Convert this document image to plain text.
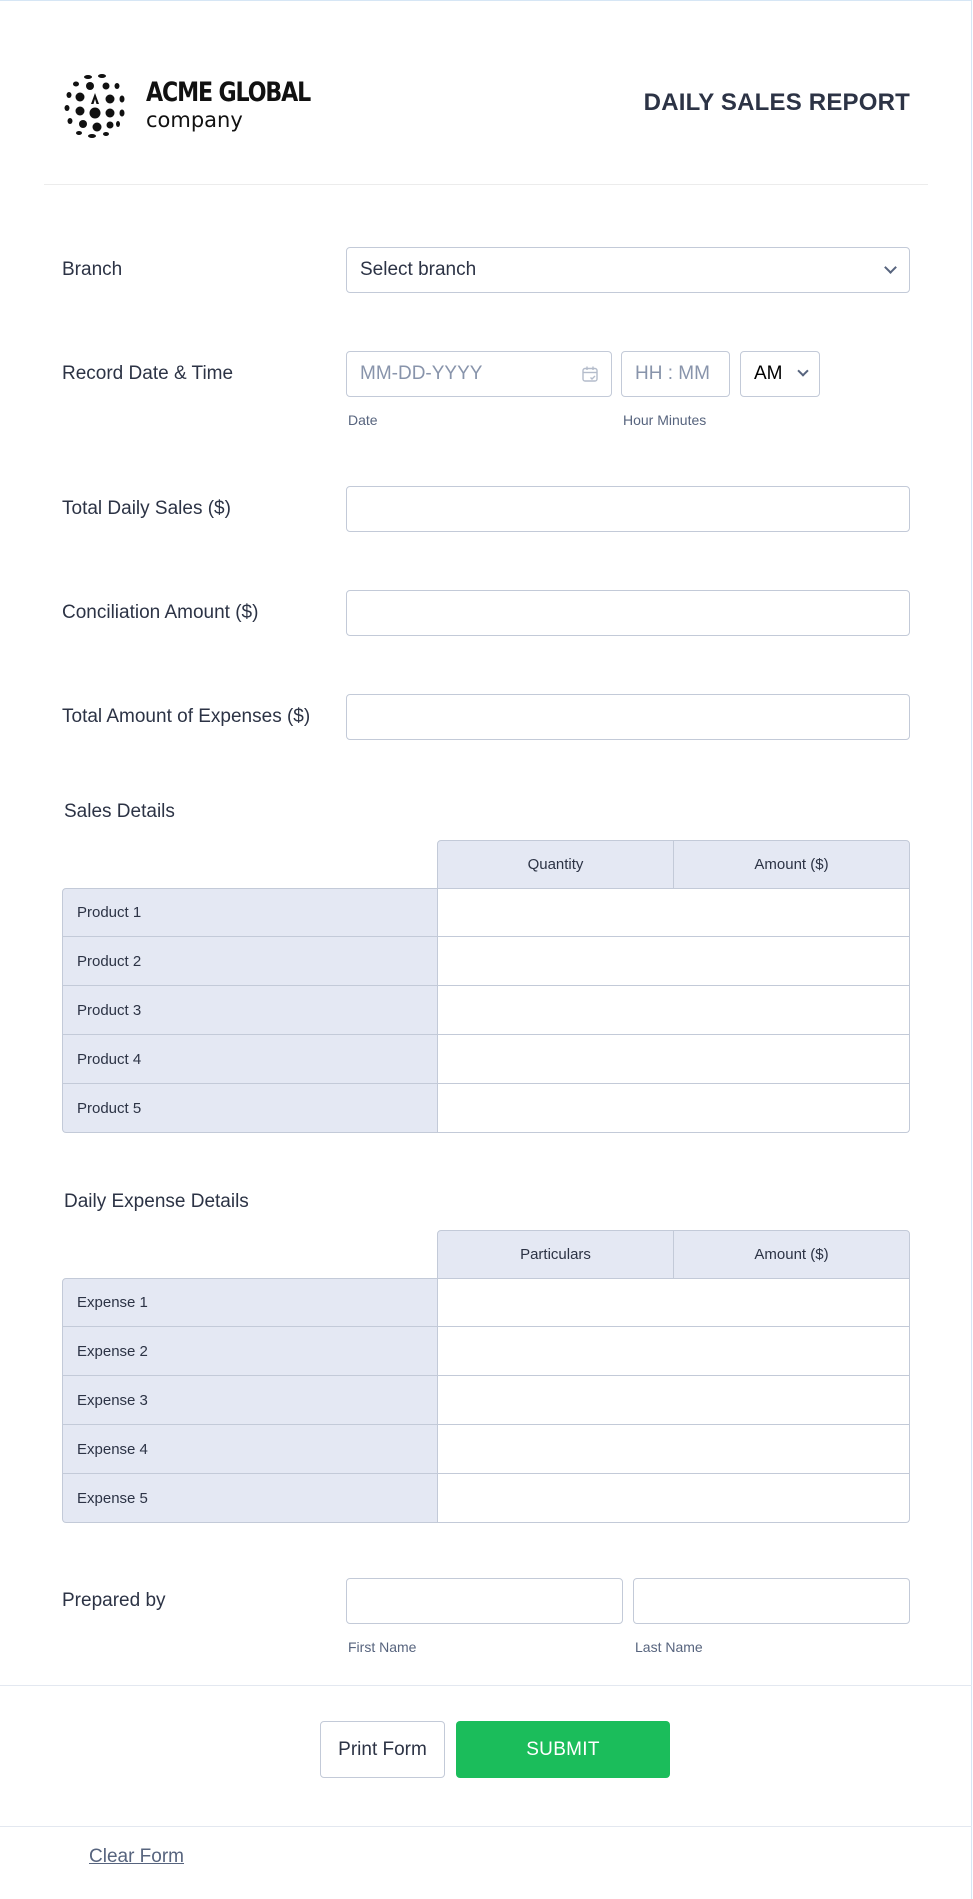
ACME GLOBAL
company
DAILY SALES REPORT
Branch	Select branch
Record Date & Time	MM-DD-YYYY
Date
HH : MM
Hour Minutes
AM
Total Daily Sales ($)
Conciliation Amount ($)
Total Amount of Expenses ($)
Sales Details
Quantity	Amount ($)
Product 1
Product 2
Product 3
Product 4
Product 5
Daily Expense Details
Particulars	Amount ($)
Expense 1
Expense 2
Expense 3
Expense 4
Expense 5
Prepared by
First Name	Last Name
Print Form	SUBMIT
Clear Form
